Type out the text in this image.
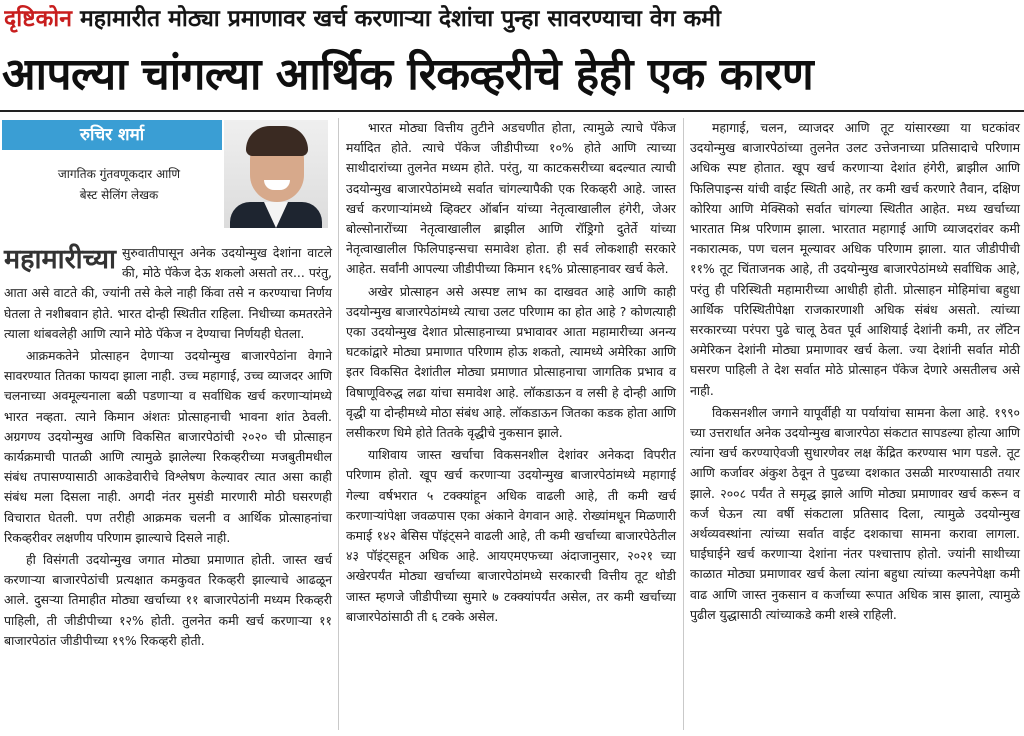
दृष्टिकोन महामारीत मोठ्या प्रमाणावर खर्च करणाऱ्या देशांचा पुन्हा सावरण्याचा वेग कमी
आपल्या चांगल्या आर्थिक रिकव्हरीचे हेही एक कारण
रुचिर शर्मा
जागतिक गुंतवणूकदार आणि
बेस्ट सेलिंग लेखक

महामारीच्या सुरुवातीपासून अनेक उदयोन्मुख देशांना वाटले की, मोठे पॅकेज देऊ शकलो असतो तर... परंतु, आता असे वाटते की, ज्यांनी तसे केले नाही किंवा तसे न करण्याचा निर्णय घेतला ते नशीबवान होते. भारत दोन्ही स्थितीत राहिला. निधीच्या कमतरतेने त्याला थांबवलेही आणि त्याने मोठे पॅकेज न देण्याचा निर्णयही घेतला.

आक्रमकतेने प्रोत्साहन देणाऱ्या उदयोन्मुख बाजारपेठांना वेगाने सावरण्यात तितका फायदा झाला नाही. उच्च महागाई, उच्च व्याजदर आणि चलनाच्या अवमूल्यनाला बळी पडणाऱ्या व सर्वाधिक खर्च करणाऱ्यांमध्ये भारत नव्हता. त्याने किमान अंशतः प्रोत्साहनाची भावना शांत ठेवली. अग्रगण्य उदयोन्मुख आणि विकसित बाजारपेठांची २०२० ची प्रोत्साहन कार्यक्रमाची पातळी आणि त्यामुळे झालेल्या रिकव्हरीच्या मजबुतीमधील संबंध तपासण्यासाठी आकडेवारीचे विश्लेषण केल्यावर त्यात असा काही संबंध मला दिसला नाही. अगदी नंतर मुसंडी मारणारी मोठी घसरणही विचारात घेतली. पण तरीही आक्रमक चलनी व आर्थिक प्रोत्साहनांचा रिकव्हरीवर लक्षणीय परिणाम झाल्याचे दिसले नाही.

ही विसंगती उदयोन्मुख जगात मोठ्या प्रमाणात होती. जास्त खर्च करणाऱ्या बाजारपेठांची प्रत्यक्षात कमकुवत रिकव्हरी झाल्याचे आढळून आले. दुसऱ्या तिमाहीत मोठ्या खर्चाच्या ११ बाजारपेठांनी मध्यम रिकव्हरी पाहिली, ती जीडीपीच्या १२% होती. तुलनेत कमी खर्च करणाऱ्या ११ बाजारपेठांत जीडीपीच्या १९% रिकव्हरी होती.

भारत मोठ्या वित्तीय तुटीने अडचणीत होता, त्यामुळे त्याचे पॅकेज मर्यादित होते. त्याचे पॅकेज जीडीपीच्या १०% होते आणि त्याच्या साथीदारांच्या तुलनेत मध्यम होते. परंतु, या काटकसरीच्या बदल्यात त्याची उदयोन्मुख बाजारपेठांमध्ये सर्वात चांगल्यापैकी एक रिकव्हरी आहे. जास्त खर्च करणाऱ्यांमध्ये व्हिक्टर ऑर्बान यांच्या नेतृत्वाखालील हंगेरी, जेअर बोल्सोनारोंच्या नेतृत्वाखालील ब्राझील आणि रॉड्रिगो दुतेर्ते यांच्या नेतृत्वाखालील फिलिपाइन्सचा समावेश होता. ही सर्व लोकशाही सरकारे आहेत. सर्वांनी आपल्या जीडीपीच्या किमान १६% प्रोत्साहनावर खर्च केले.

अखेर प्रोत्साहन असे अस्पष्ट लाभ का दाखवत आहे आणि काही उदयोन्मुख बाजारपेठांमध्ये त्याचा उलट परिणाम का होत आहे ? कोणत्याही एका उदयोन्मुख देशात प्रोत्साहनाच्या प्रभावावर आता महामारीच्या अनन्य घटकांद्वारे मोठ्या प्रमाणात परिणाम होऊ शकतो, त्यामध्ये अमेरिका आणि इतर विकसित देशांतील मोठ्या प्रमाणात प्रोत्साहनाचा जागतिक प्रभाव व विषाणूविरुद्ध लढा यांचा समावेश आहे. लॉकडाऊन व लसी हे दोन्ही आणि वृद्धी या दोन्हीमध्ये मोठा संबंध आहे. लॉकडाऊन जितका कडक होता आणि लसीकरण धिमे होते तितके वृद्धीचे नुकसान झाले.

याशिवाय जास्त खर्चाचा विकसनशील देशांवर अनेकदा विपरीत परिणाम होतो. खूप खर्च करणाऱ्या उदयोन्मुख बाजारपेठांमध्ये महागाई गेल्या वर्षभरात ५ टक्क्यांहून अधिक वाढली आहे, ती कमी खर्च करणाऱ्यांपेक्षा जवळपास एका अंकाने वेगवान आहे. रोख्यांमधून मिळणारी कमाई १४२ बेसिस पॉइंट्सने वाढली आहे, ती कमी खर्चाच्या बाजारपेठेतील ४३ पॉइंट्सहून अधिक आहे. आयएमएफच्या अंदाजानुसार, २०२१ च्या अखेरपर्यंत मोठ्या खर्चाच्या बाजारपेठांमध्ये सरकारची वित्तीय तूट थोडी जास्त म्हणजे जीडीपीच्या सुमारे ७ टक्क्यांपर्यंत असेल, तर कमी खर्चाच्या बाजारपेठांसाठी ती ६ टक्के असेल.

महागाई, चलन, व्याजदर आणि तूट यांसारख्या या घटकांवर उदयोन्मुख बाजारपेठांच्या तुलनेत उलट उत्तेजनाच्या प्रतिसादाचे परिणाम अधिक स्पष्ट होतात. खूप खर्च करणाऱ्या देशांत हंगेरी, ब्राझील आणि फिलिपाइन्स यांची वाईट स्थिती आहे, तर कमी खर्च करणारे तैवान, दक्षिण कोरिया आणि मेक्सिको सर्वात चांगल्या स्थितीत आहेत. मध्य खर्चाच्या भारतात मिश्र परिणाम झाला. भारतात महागाई आणि व्याजदरांवर कमी नकारात्मक, पण चलन मूल्यावर अधिक परिणाम झाला. यात जीडीपीची ११% तूट चिंताजनक आहे, ती उदयोन्मुख बाजारपेठांमध्ये सर्वाधिक आहे, परंतु ही परिस्थिती महामारीच्या आधीही होती. प्रोत्साहन मोहिमांचा बहुधा आर्थिक परिस्थितीपेक्षा राजकारणाशी अधिक संबंध असतो. त्यांच्या सरकारच्या परंपरा पुढे चालू ठेवत पूर्व आशियाई देशांनी कमी, तर लॅटिन अमेरिकन देशांनी मोठ्या प्रमाणावर खर्च केला. ज्या देशांनी सर्वात मोठी घसरण पाहिली ते देश सर्वात मोठे प्रोत्साहन पॅकेज देणारे असतीलच असे नाही.

विकसनशील जगाने यापूर्वीही या पर्यायांचा सामना केला आहे. १९९० च्या उत्तरार्धात अनेक उदयोन्मुख बाजारपेठा संकटात सापडल्या होत्या आणि त्यांना खर्च करण्याऐवजी सुधारणेवर लक्ष केंद्रित करण्यास भाग पडले. तूट आणि कर्जावर अंकुश ठेवून ते पुढच्या दशकात उसळी मारण्यासाठी तयार झाले. २००८ पर्यंत ते समृद्ध झाले आणि मोठ्या प्रमाणावर खर्च करून व कर्ज घेऊन त्या वर्षी संकटाला प्रतिसाद दिला, त्यामुळे उदयोन्मुख अर्थव्यवस्थांना त्यांच्या सर्वात वाईट दशकाचा सामना करावा लागला. घाईघाईने खर्च करणाऱ्या देशांना नंतर पश्चात्ताप होतो. ज्यांनी साथीच्या काळात मोठ्या प्रमाणावर खर्च केला त्यांना बहुधा त्यांच्या कल्पनेपेक्षा कमी वाढ आणि जास्त नुकसान व कर्जाच्या रूपात अधिक त्रास झाला, त्यामुळे पुढील युद्धासाठी त्यांच्याकडे कमी शस्त्रे राहिली.
